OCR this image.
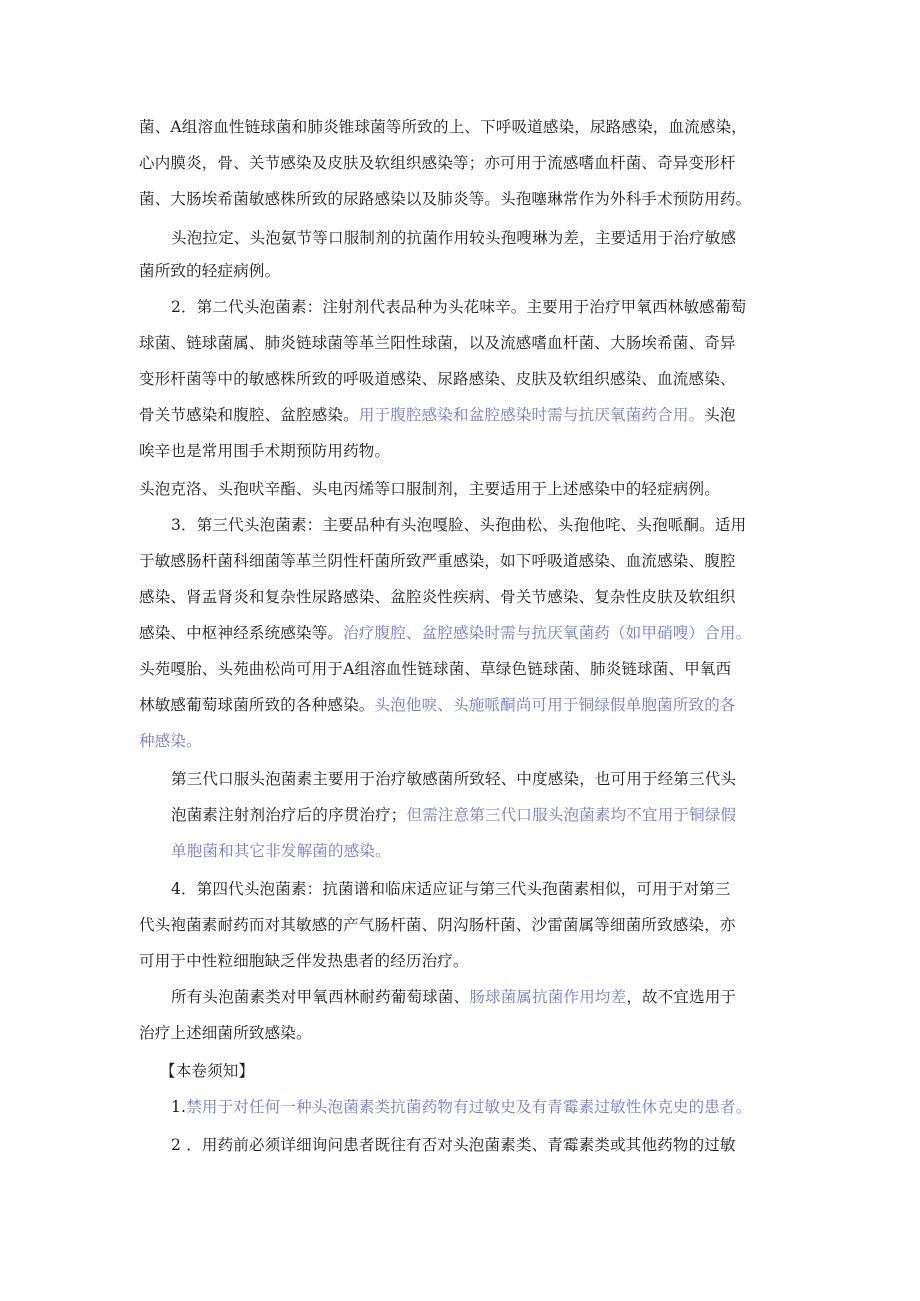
菌、A组溶血性链球菌和肺炎锥球菌等所致的上、下呼吸道感染，尿路感染，血流感染，
心内膜炎，骨、关节感染及皮肤及软组织感染等；亦可用于流感嗜血杆菌、奇异变形杆
菌、大肠埃希菌敏感株所致的尿路感染以及肺炎等。头孢噻琳常作为外科手术预防用药。
头泡拉定、头泡氨节等口服制剂的抗菌作用较头孢嗖琳为差，主要适用于治疗敏感
菌所致的轻症病例。
2．第二代头泡菌素：注射剂代表品种为头花味辛。主要用于治疗甲氧西林敏感葡萄
球菌、链球菌属、肺炎链球菌等革兰阳性球菌，以及流感嗜血杆菌、大肠埃希菌、奇异
变形杆菌等中的敏感株所致的呼吸道感染、尿路感染、皮肤及软组织感染、血流感染、
骨关节感染和腹腔、盆腔感染。用于腹腔感染和盆腔感染时需与抗厌氧菌药合用。头泡
唉辛也是常用围手术期预防用药物。
头泡克洛、头孢吠辛酯、头电丙烯等口服制剂，主要适用于上述感染中的轻症病例。
3．第三代头泡菌素：主要品种有头泡嘎脸、头孢曲松、头孢他咤、头孢哌酮。适用
于敏感肠杆菌科细菌等革兰阴性杆菌所致严重感染，如下呼吸道感染、血流感染、腹腔
感染、肾盂肾炎和复杂性尿路感染、盆腔炎性疾病、骨关节感染、复杂性皮肤及软组织
感染、中枢神经系统感染等。治疗腹腔、盆腔感染时需与抗厌氧菌药（如甲硝嗖）合用。
头苑嘎胎、头苑曲松尚可用于A组溶血性链球菌、草绿色链球菌、肺炎链球菌、甲氧西
林敏感葡萄球菌所致的各种感染。头泡他唳、头施哌酮尚可用于铜绿假单胞菌所致的各
种感染。
第三代口服头泡菌素主要用于治疗敏感菌所致轻、中度感染，也可用于经第三代头
泡菌素注射剂治疗后的序贯治疗；但需注意第三代口服头泡菌素均不宜用于铜绿假
单胞菌和其它非发解菌的感染。
4．第四代头泡菌素：抗菌谱和临床适应证与第三代头孢菌素相似，可用于对第三
代头袍菌素耐药而对其敏感的产气肠杆菌、阴沟肠杆菌、沙雷菌属等细菌所致感染，亦
可用于中性粒细胞缺乏伴发热患者的经历治疗。
所有头泡菌素类对甲氧西林耐药葡萄球菌、肠球菌属抗菌作用均差，故不宜选用于
治疗上述细菌所致感染。
【本卷须知】
1.禁用于对任何一种头泡菌素类抗菌药物有过敏史及有青霉素过敏性休克史的患者。
2 ．用药前必须详细询问患者既往有否对头泡菌素类、青霉素类或其他药物的过敏
